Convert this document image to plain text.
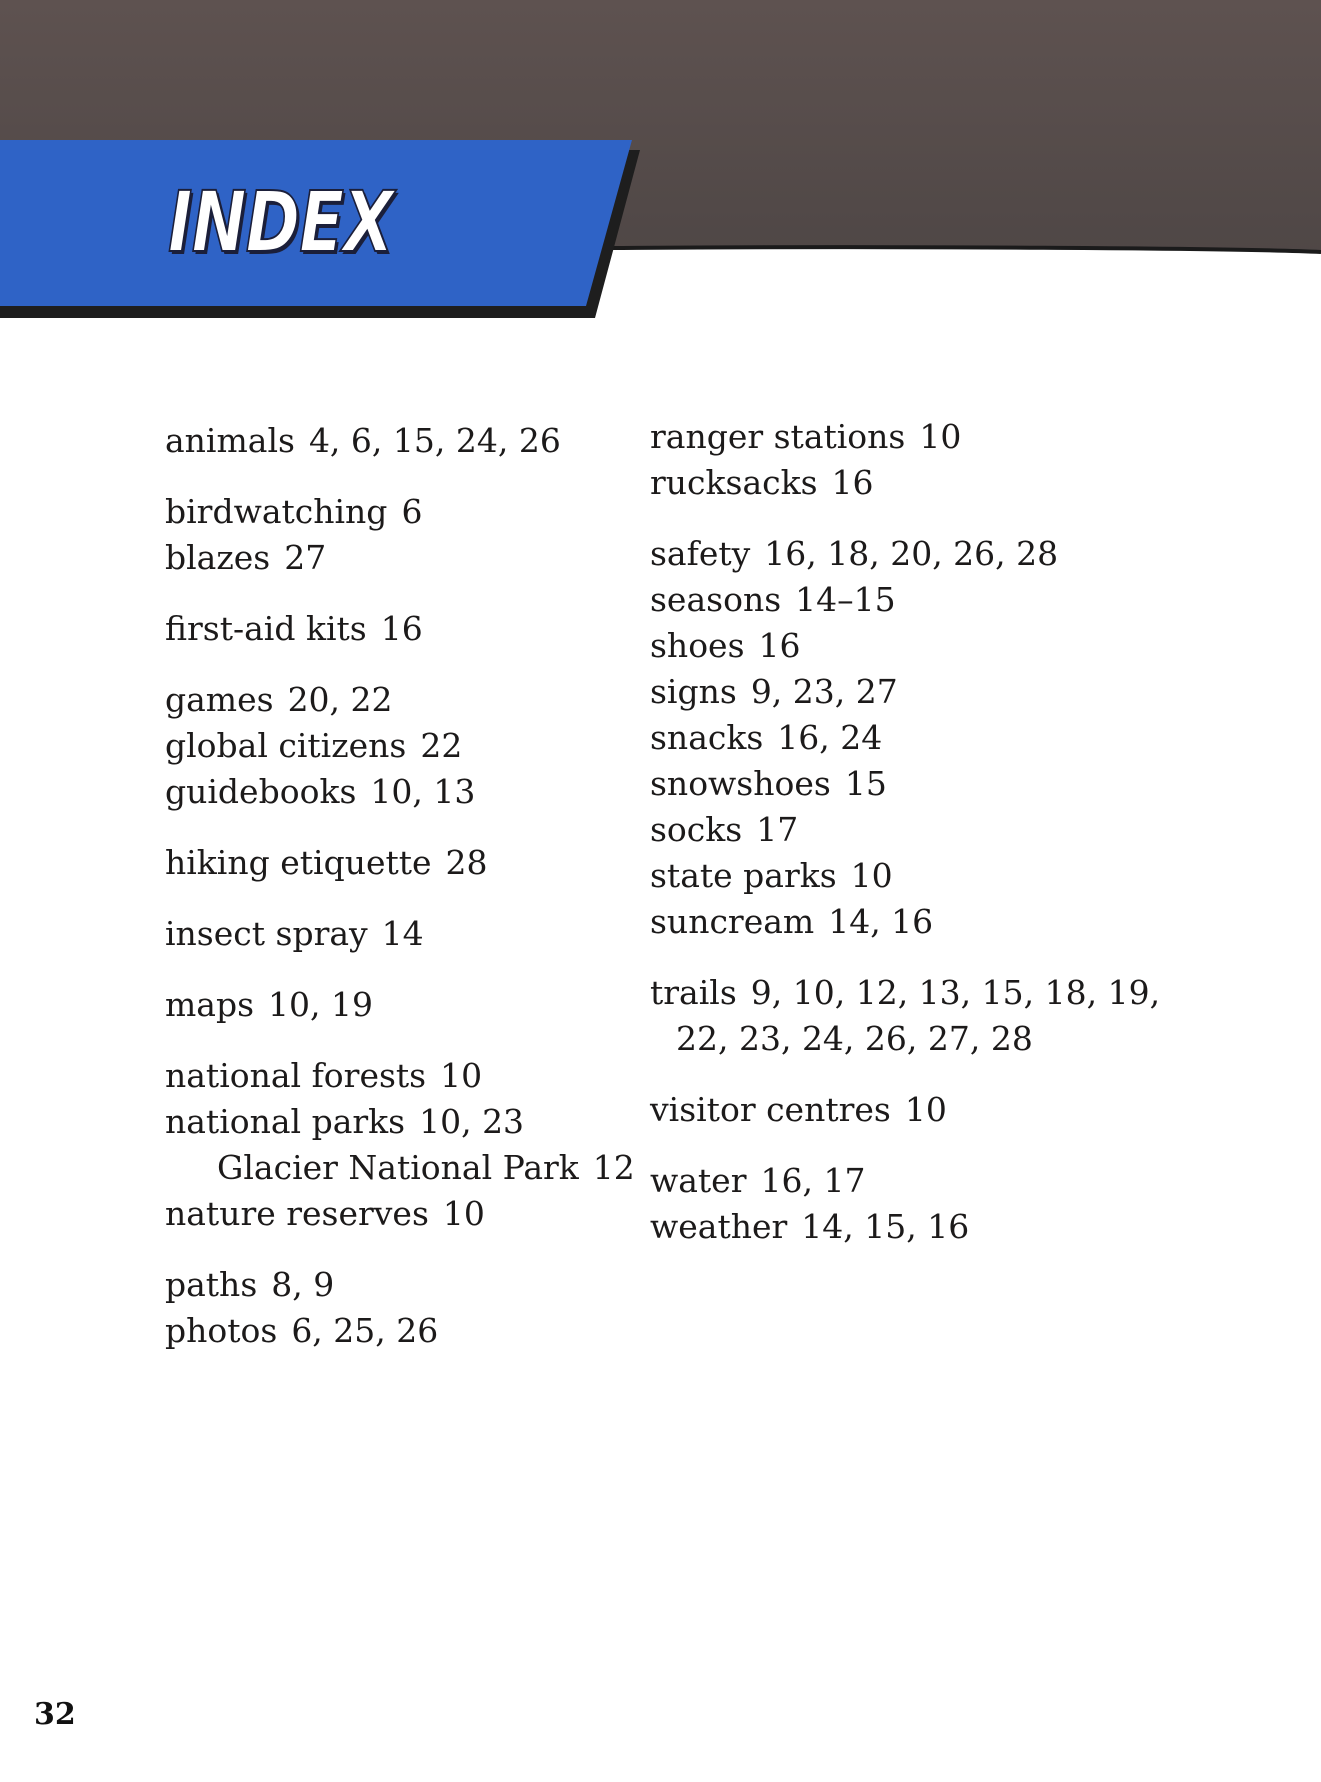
INDEX
animals 4, 6, 15, 24, 26
birdwatching 6
blazes 27
first-aid kits 16
games 20, 22
global citizens 22
guidebooks 10, 13
hiking etiquette 28
insect spray 14
maps 10, 19
national forests 10
national parks 10, 23
Glacier National Park 12
nature reserves 10
paths 8, 9
photos 6, 25, 26
ranger stations 10
rucksacks 16
safety 16, 18, 20, 26, 28
seasons 14–15
shoes 16
signs 9, 23, 27
snacks 16, 24
snowshoes 15
socks 17
state parks 10
suncream 14, 16
trails 9, 10, 12, 13, 15, 18, 19,
22, 23, 24, 26, 27, 28
visitor centres 10
water 16, 17
weather 14, 15, 16
32
